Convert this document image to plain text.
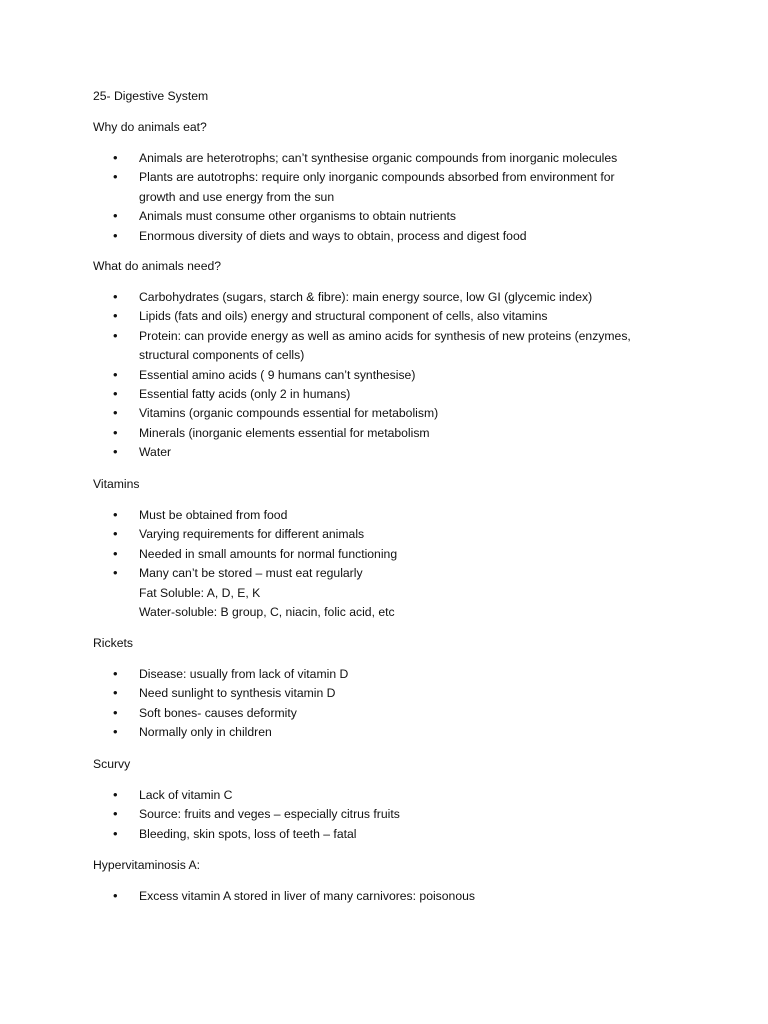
25- Digestive System
Why do animals eat?
• Animals are heterotrophs; can’t synthesise organic compounds from inorganic molecules
• Plants are autotrophs: require only inorganic compounds absorbed from environment for
growth and use energy from the sun
• Animals must consume other organisms to obtain nutrients
• Enormous diversity of diets and ways to obtain, process and digest food
What do animals need?
• Carbohydrates (sugars, starch & fibre): main energy source, low GI (glycemic index)
• Lipids (fats and oils) energy and structural component of cells, also vitamins
• Protein: can provide energy as well as amino acids for synthesis of new proteins (enzymes,
structural components of cells)
• Essential amino acids ( 9 humans can’t synthesise)
• Essential fatty acids (only 2 in humans)
• Vitamins (organic compounds essential for metabolism)
• Minerals (inorganic elements essential for metabolism
• Water
Vitamins
• Must be obtained from food
• Varying requirements for different animals
• Needed in small amounts for normal functioning
• Many can’t be stored – must eat regularly
Fat Soluble: A, D, E, K
Water-soluble: B group, C, niacin, folic acid, etc
Rickets
• Disease: usually from lack of vitamin D
• Need sunlight to synthesis vitamin D
• Soft bones- causes deformity
• Normally only in children
Scurvy
• Lack of vitamin C
• Source: fruits and veges – especially citrus fruits
• Bleeding, skin spots, loss of teeth – fatal
Hypervitaminosis A:
• Excess vitamin A stored in liver of many carnivores: poisonous
